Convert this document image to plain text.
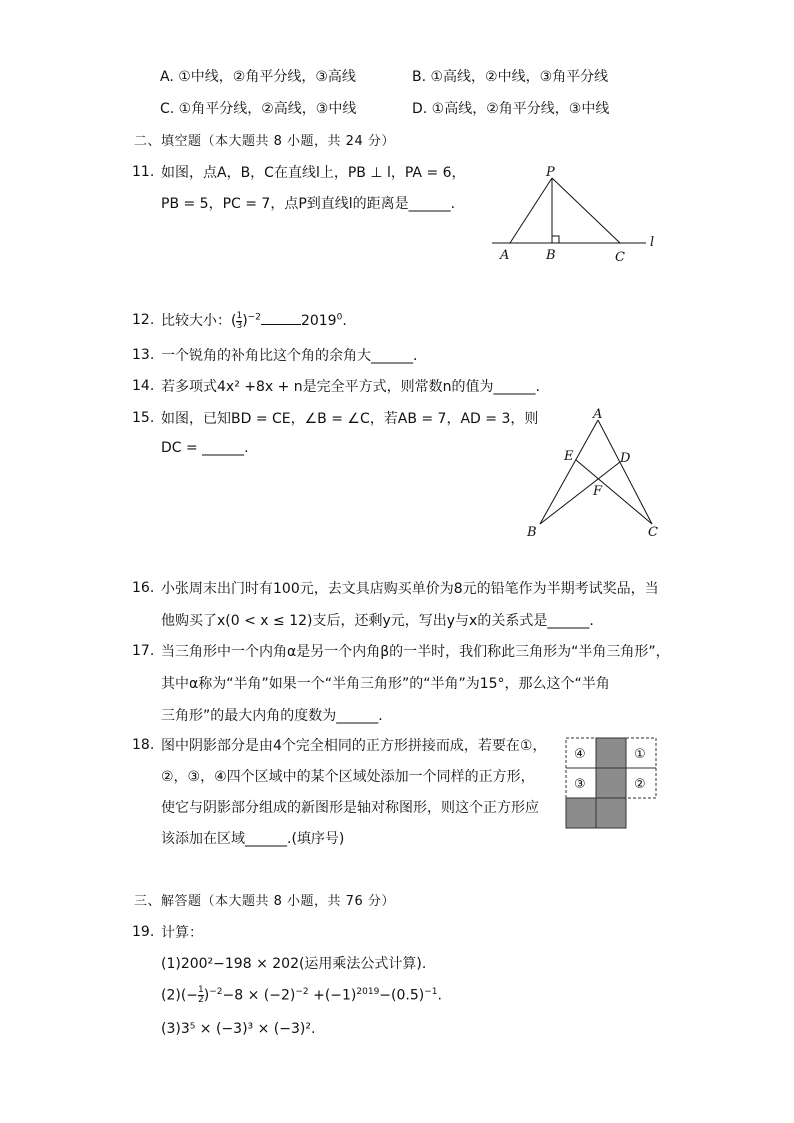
A. ①中线，②角平分线，③高线	B. ①高线，②中线，③角平分线
C. ①角平分线，②高线，③中线	D. ①高线，②角平分线，③中线
二、填空题（本大题共 8 小题，共 24 分）
11. 如图，点A，B，C在直线l上，PB ⊥ l，PA = 6，
PB = 5，PC = 7，点P到直线l的距离是______.
P
A	B	C
l
12. 比较大小：( $\frac{1}{3} )^{-2}$	2019$^0$.
13. 一个锐角的补角比这个角的余角大______.
14. 若多项式4x² +8x + n是完全平方式，则常数n的值为______.
15. 如图，已知BD = CE，∠B = ∠C，若AB = 7，AD = 3，则
DC = ______.
A
B	C
D
E
F
16. 小张周末出门时有100元，去文具店购买单价为8元的铅笔作为半期考试奖品，当
他购买了x(0 < x ≤ 12)支后，还剩y元，写出y与x的关系式是______.
17. 当三角形中一个内角α是另一个内角β的一半时，我们称此三角形为“半角三角形”，
其中α称为“半角”如果一个“半角三角形”的“半角”为15°，那么这个“半角
三角形”的最大内角的度数为______.
18. 图中阴影部分是由4个完全相同的正方形拼接而成，若要在①，
②，③，④四个区域中的某个区域处添加一个同样的正方形，
使它与阴影部分组成的新图形是轴对称图形，则这个正方形应
该添加在区域______.(填序号)
④
③
①
②
三、解答题（本大题共 8 小题，共 76 分）
19. 计算：
(1)200²−198 × 202(运用乘法公式计算).
$(2)(- \frac{1}{2} )^{-2}-8 \times (-2)^{-2} +(-1)^{2019}-(0.5)^{-1}$.
(3)3⁵ × (−3)³ × (−3)².
